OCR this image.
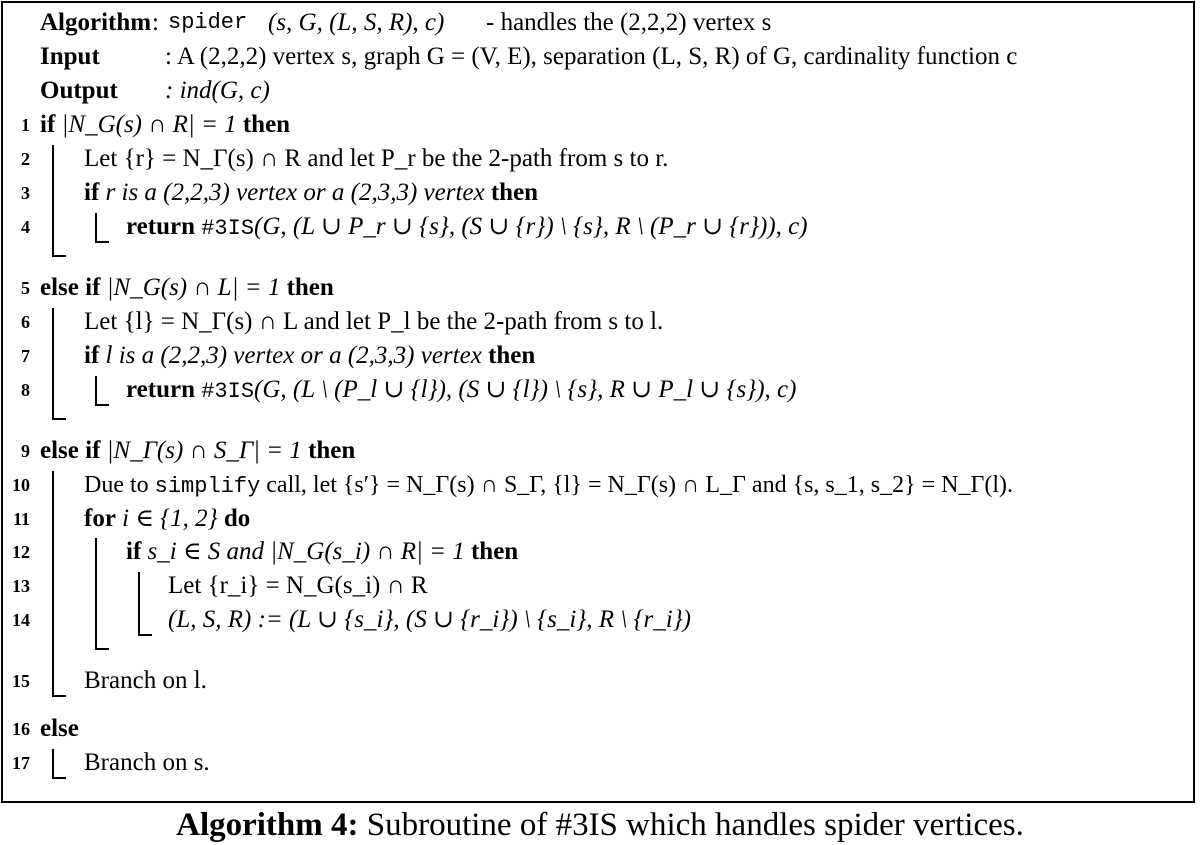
Algorithm : spider (s, G, (L, S, R), c) - handles the (2,2,2) vertex s
Input	: A (2,2,2) vertex s, graph G = (V, E), separation (L, S, R) of G, cardinality function c
Output : ind(G, c)
1 if |N_G(s) ∩ R| = 1 then
2 Let {r} = N_Γ(s) ∩ R and let P_r be the 2-path from s to r.
3 if r is a (2,2,3) vertex or a (2,3,3) vertex then
4	return #3IS(G, (L ∪ P_r ∪ {s}, (S ∪ {r}) \ {s}, R \ (P_r ∪ {r})), c)
5 else if |N_G(s) ∩ L| = 1 then
6 Let {l} = N_Γ(s) ∩ L and let P_l be the 2-path from s to l.
7 if l is a (2,2,3) vertex or a (2,3,3) vertex then
8	return #3IS(G, (L \ (P_l ∪ {l}), (S ∪ {l}) \ {s}, R ∪ P_l ∪ {s}), c)
9 else if |N_Γ(s) ∩ S_Γ| = 1 then
10 Due to simplify call, let {s′} = N_Γ(s) ∩ S_Γ, {l} = N_Γ(s) ∩ L_Γ and {s, s_1, s_2} = N_Γ(l).
11 for i ∈ {1, 2} do
12	if s_i ∈ S and |N_G(s_i) ∩ R| = 1 then
13	Let {r_i} = N_G(s_i) ∩ R
14	(L, S, R) := (L ∪ {s_i}, (S ∪ {r_i}) \ {s_i}, R \ {r_i})
15 Branch on l.
16 else
17 Branch on s.
Algorithm 4: Subroutine of #3IS which handles spider vertices.
